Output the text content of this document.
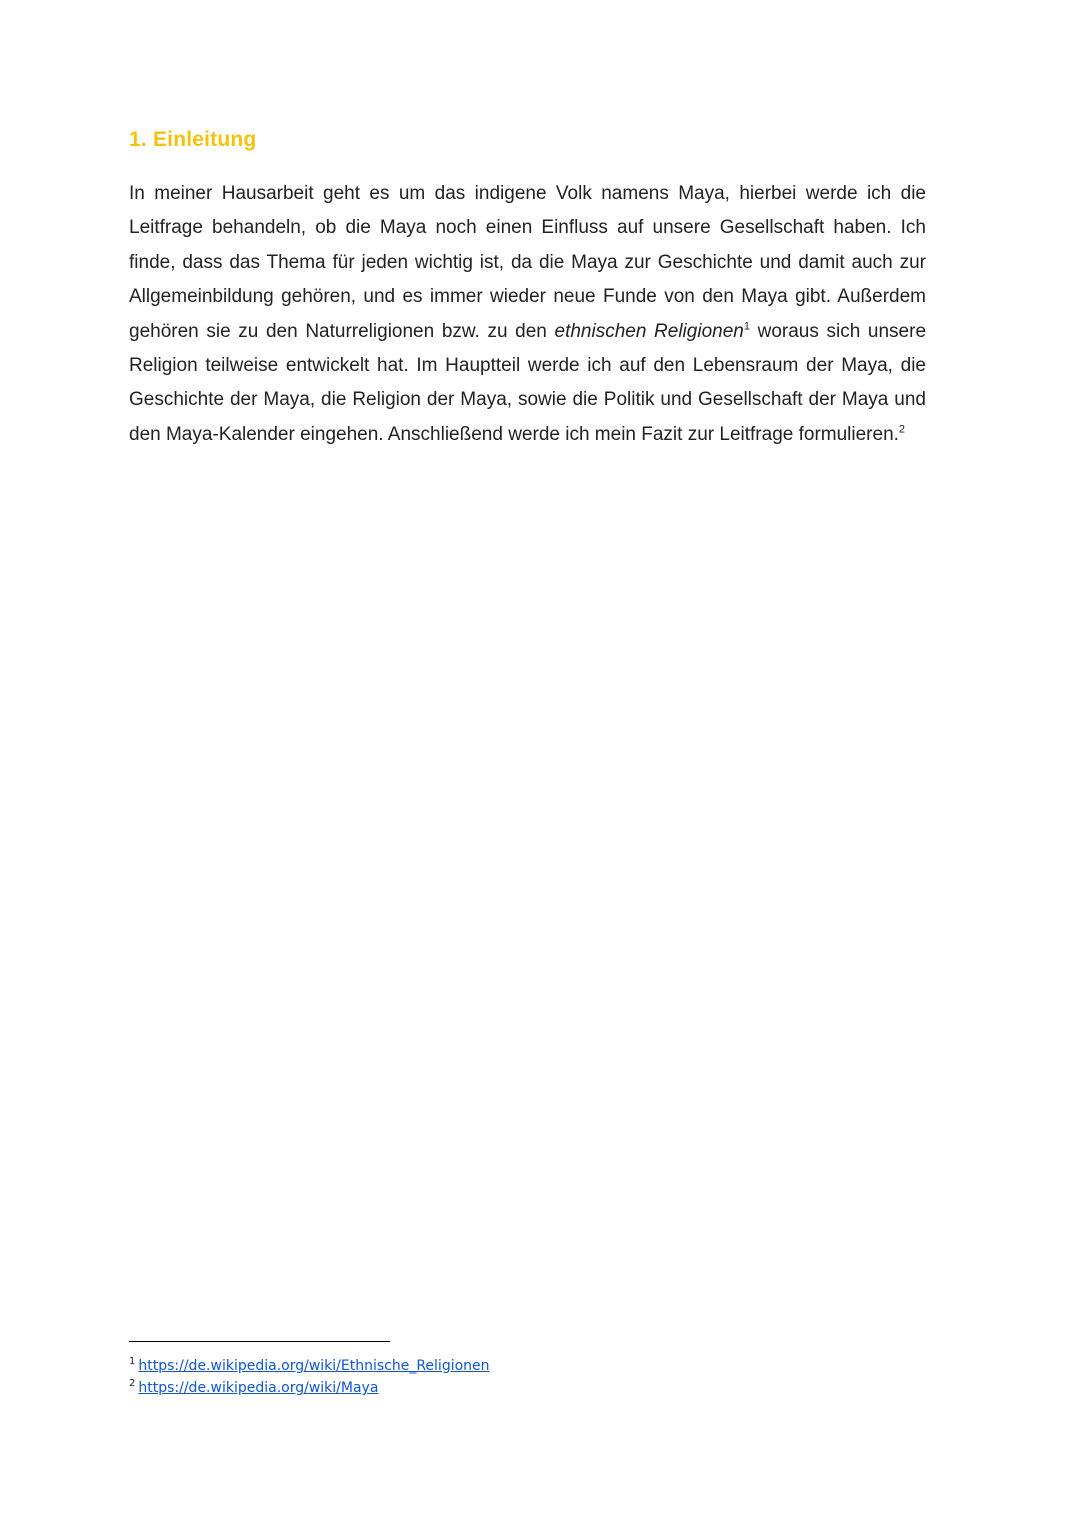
1. Einleitung

In meiner Hausarbeit geht es um das indigene Volk namens Maya, hierbei werde ich die Leitfrage behandeln, ob die Maya noch einen Einfluss auf unsere Gesellschaft haben. Ich finde, dass das Thema für jeden wichtig ist, da die Maya zur Geschichte und damit auch zur Allgemeinbildung gehören, und es immer wieder neue Funde von den Maya gibt. Außerdem gehören sie zu den Naturreligionen bzw. zu den ethnischen Religionen$^1$ woraus sich unsere Religion teilweise entwickelt hat. Im Hauptteil werde ich auf den Lebensraum der Maya, die Geschichte der Maya, die Religion der Maya, sowie die Politik und Gesellschaft der Maya und den Maya-Kalender eingehen. Anschließend werde ich mein Fazit zur Leitfrage formulieren.$^2$

$^1$ https://de.wikipedia.org/wiki/Ethnische_Religionen
$^2$ https://de.wikipedia.org/wiki/Maya
